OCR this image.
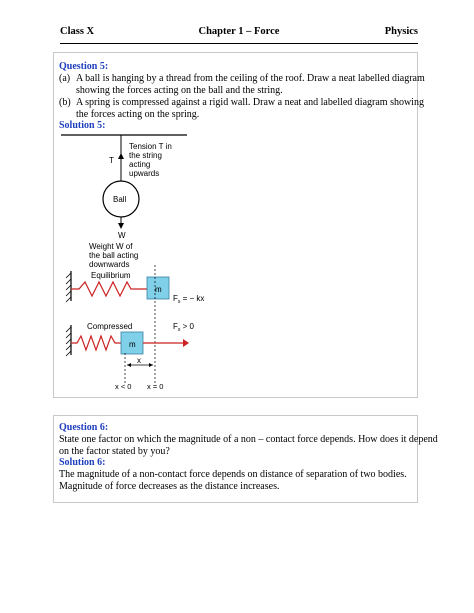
Class X	Chapter 1 – Force	Physics
Question 5:
(a) A ball is hanging by a thread from the ceiling of the roof. Draw a neat labelled diagram
showing the forces acting on the ball and the string.
(b) A spring is compressed against a rigid wall. Draw a neat and labelled diagram showing
the forces acting on the spring.
Solution 5:
T
Tension T in
the string
acting
upwards
Ball
W
Weight W of
the ball acting
downwards
Equilibrium
m
$F_s$ = − kx
Compressed
m
$F_s > 0$
x
x < 0 x = 0
Question 6:
State one factor on which the magnitude of a non – contact force depends. How does it depend
on the factor stated by you?
Solution 6:
The magnitude of a non-contact force depends on distance of separation of two bodies.
Magnitude of force decreases as the distance increases.
